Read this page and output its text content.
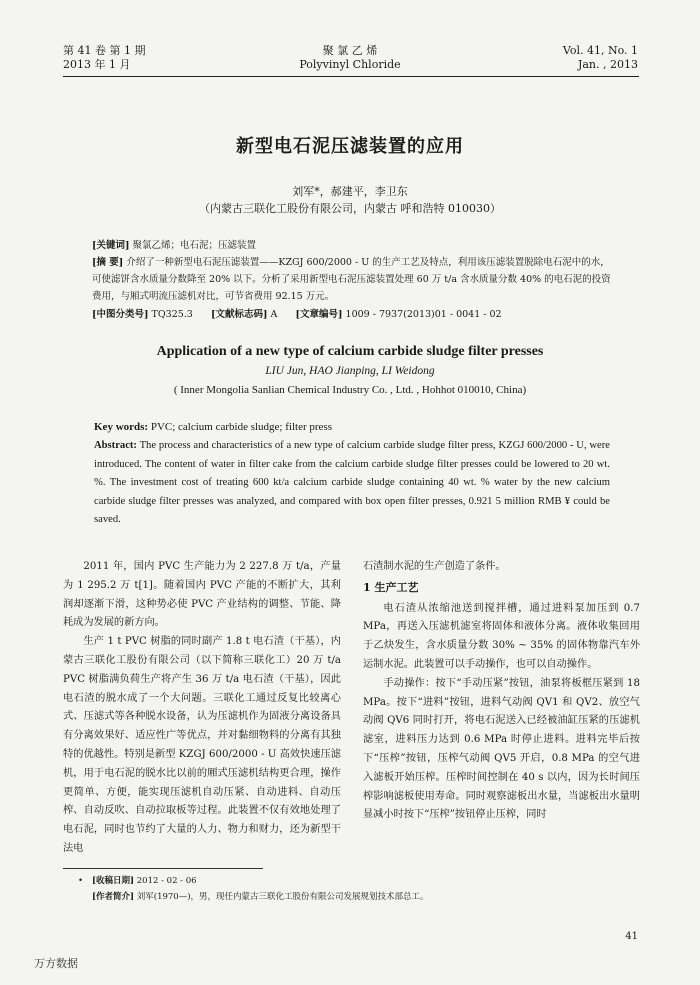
第 41 卷 第 1 期
2013 年 1 月
聚 氯 乙 烯
Polyvinyl Chloride
Vol. 41, No. 1
Jan. , 2013
新型电石泥压滤装置的应用
刘军*，郝建平，李卫东
（内蒙古三联化工股份有限公司，内蒙古 呼和浩特 010030）
[关键词] 聚氯乙烯；电石泥；压滤装置
[摘 要] 介绍了一种新型电石泥压滤装置——KZGJ 600/2000 - U 的生产工艺及特点，利用该压滤装置脱除电石泥中的水，可使滤饼含水质量分数降至 20% 以下。分析了采用新型电石泥压滤装置处理 60 万 t/a 含水质量分数 40% 的电石泥的投资费用，与厢式明流压滤机对比，可节省费用 92.15 万元。
[中图分类号] TQ325.3 [文献标志码] A [文章编号] 1009 - 7937(2013)01 - 0041 - 02
Application of a new type of calcium carbide sludge filter presses
LIU Jun, HAO Jianping, LI Weidong
( Inner Mongolia Sanlian Chemical Industry Co. , Ltd. , Hohhot 010010, China)
Key words: PVC; calcium carbide sludge; filter press
Abstract: The process and characteristics of a new type of calcium carbide sludge filter press, KZGJ 600/2000 - U, were introduced. The content of water in filter cake from the calcium carbide sludge filter presses could be lowered to 20 wt. %. The investment cost of treating 600 kt/a calcium carbide sludge containing 40 wt. % water by the new calcium carbide sludge filter presses was analyzed, and compared with box open filter presses, 0.921 5 million RMB ¥ could be saved.

2011 年，国内 PVC 生产能力为 2 227.8 万 t/a，产量为 1 295.2 万 t[1]。随着国内 PVC 产能的不断扩大，其利润却逐渐下滑，这种势必使 PVC 产业结构的调整、节能、降耗成为发展的新方向。

生产 1 t PVC 树脂的同时副产 1.8 t 电石渣（干基），内蒙古三联化工股份有限公司（以下简称三联化工）20 万 t/a PVC 树脂满负荷生产将产生 36 万 t/a 电石渣（干基），因此电石渣的脱水成了一个大问题。三联化工通过反复比较离心式、压滤式等各种脱水设备，认为压滤机作为固液分离设备具有分离效果好、适应性广等优点，并对黏细物料的分离有其独特的优越性。特别是新型 KZGJ 600/2000 - U 高效快速压滤机，用于电石泥的脱水比以前的厢式压滤机结构更合理，操作更简单、方便，能实现压滤机自动压紧、自动进料、自动压榨、自动反吹、自动拉取板等过程。此装置不仅有效地处理了电石泥，同时也节约了大量的人力、物力和财力，还为新型干法电

石渣制水泥的生产创造了条件。

1 生产工艺

电石渣从浓缩池送到搅拌槽，通过进料泵加压到 0.7 MPa，再送入压滤机滤室将固体和液体分离。液体收集回用于乙炔发生，含水质量分数 30% ~ 35% 的固体物靠汽车外运制水泥。此装置可以手动操作，也可以自动操作。

手动操作：按下“手动压紧”按钮，油泵将板框压紧到 18 MPa。按下“进料”按钮，进料气动阀 QV1 和 QV2、放空气动阀 QV6 同时打开，将电石泥送入已经被油缸压紧的压滤机滤室，进料压力达到 0.6 MPa 时停止进料。进料完毕后按下“压榨”按钮，压榨气动阀 QV5 开启，0.8 MPa 的空气进入滤板开始压榨。压榨时间控制在 40 s 以内，因为长时间压榨影响滤板使用寿命。同时观察滤板出水量，当滤板出水量明显减小时按下“压榨”按钮停止压榨，同时

• [收稿日期] 2012 - 02 - 06
[作者简介] 刘军(1970—)，男，现任内蒙古三联化工股份有限公司发展规划技术部总工。
41
万方数据
